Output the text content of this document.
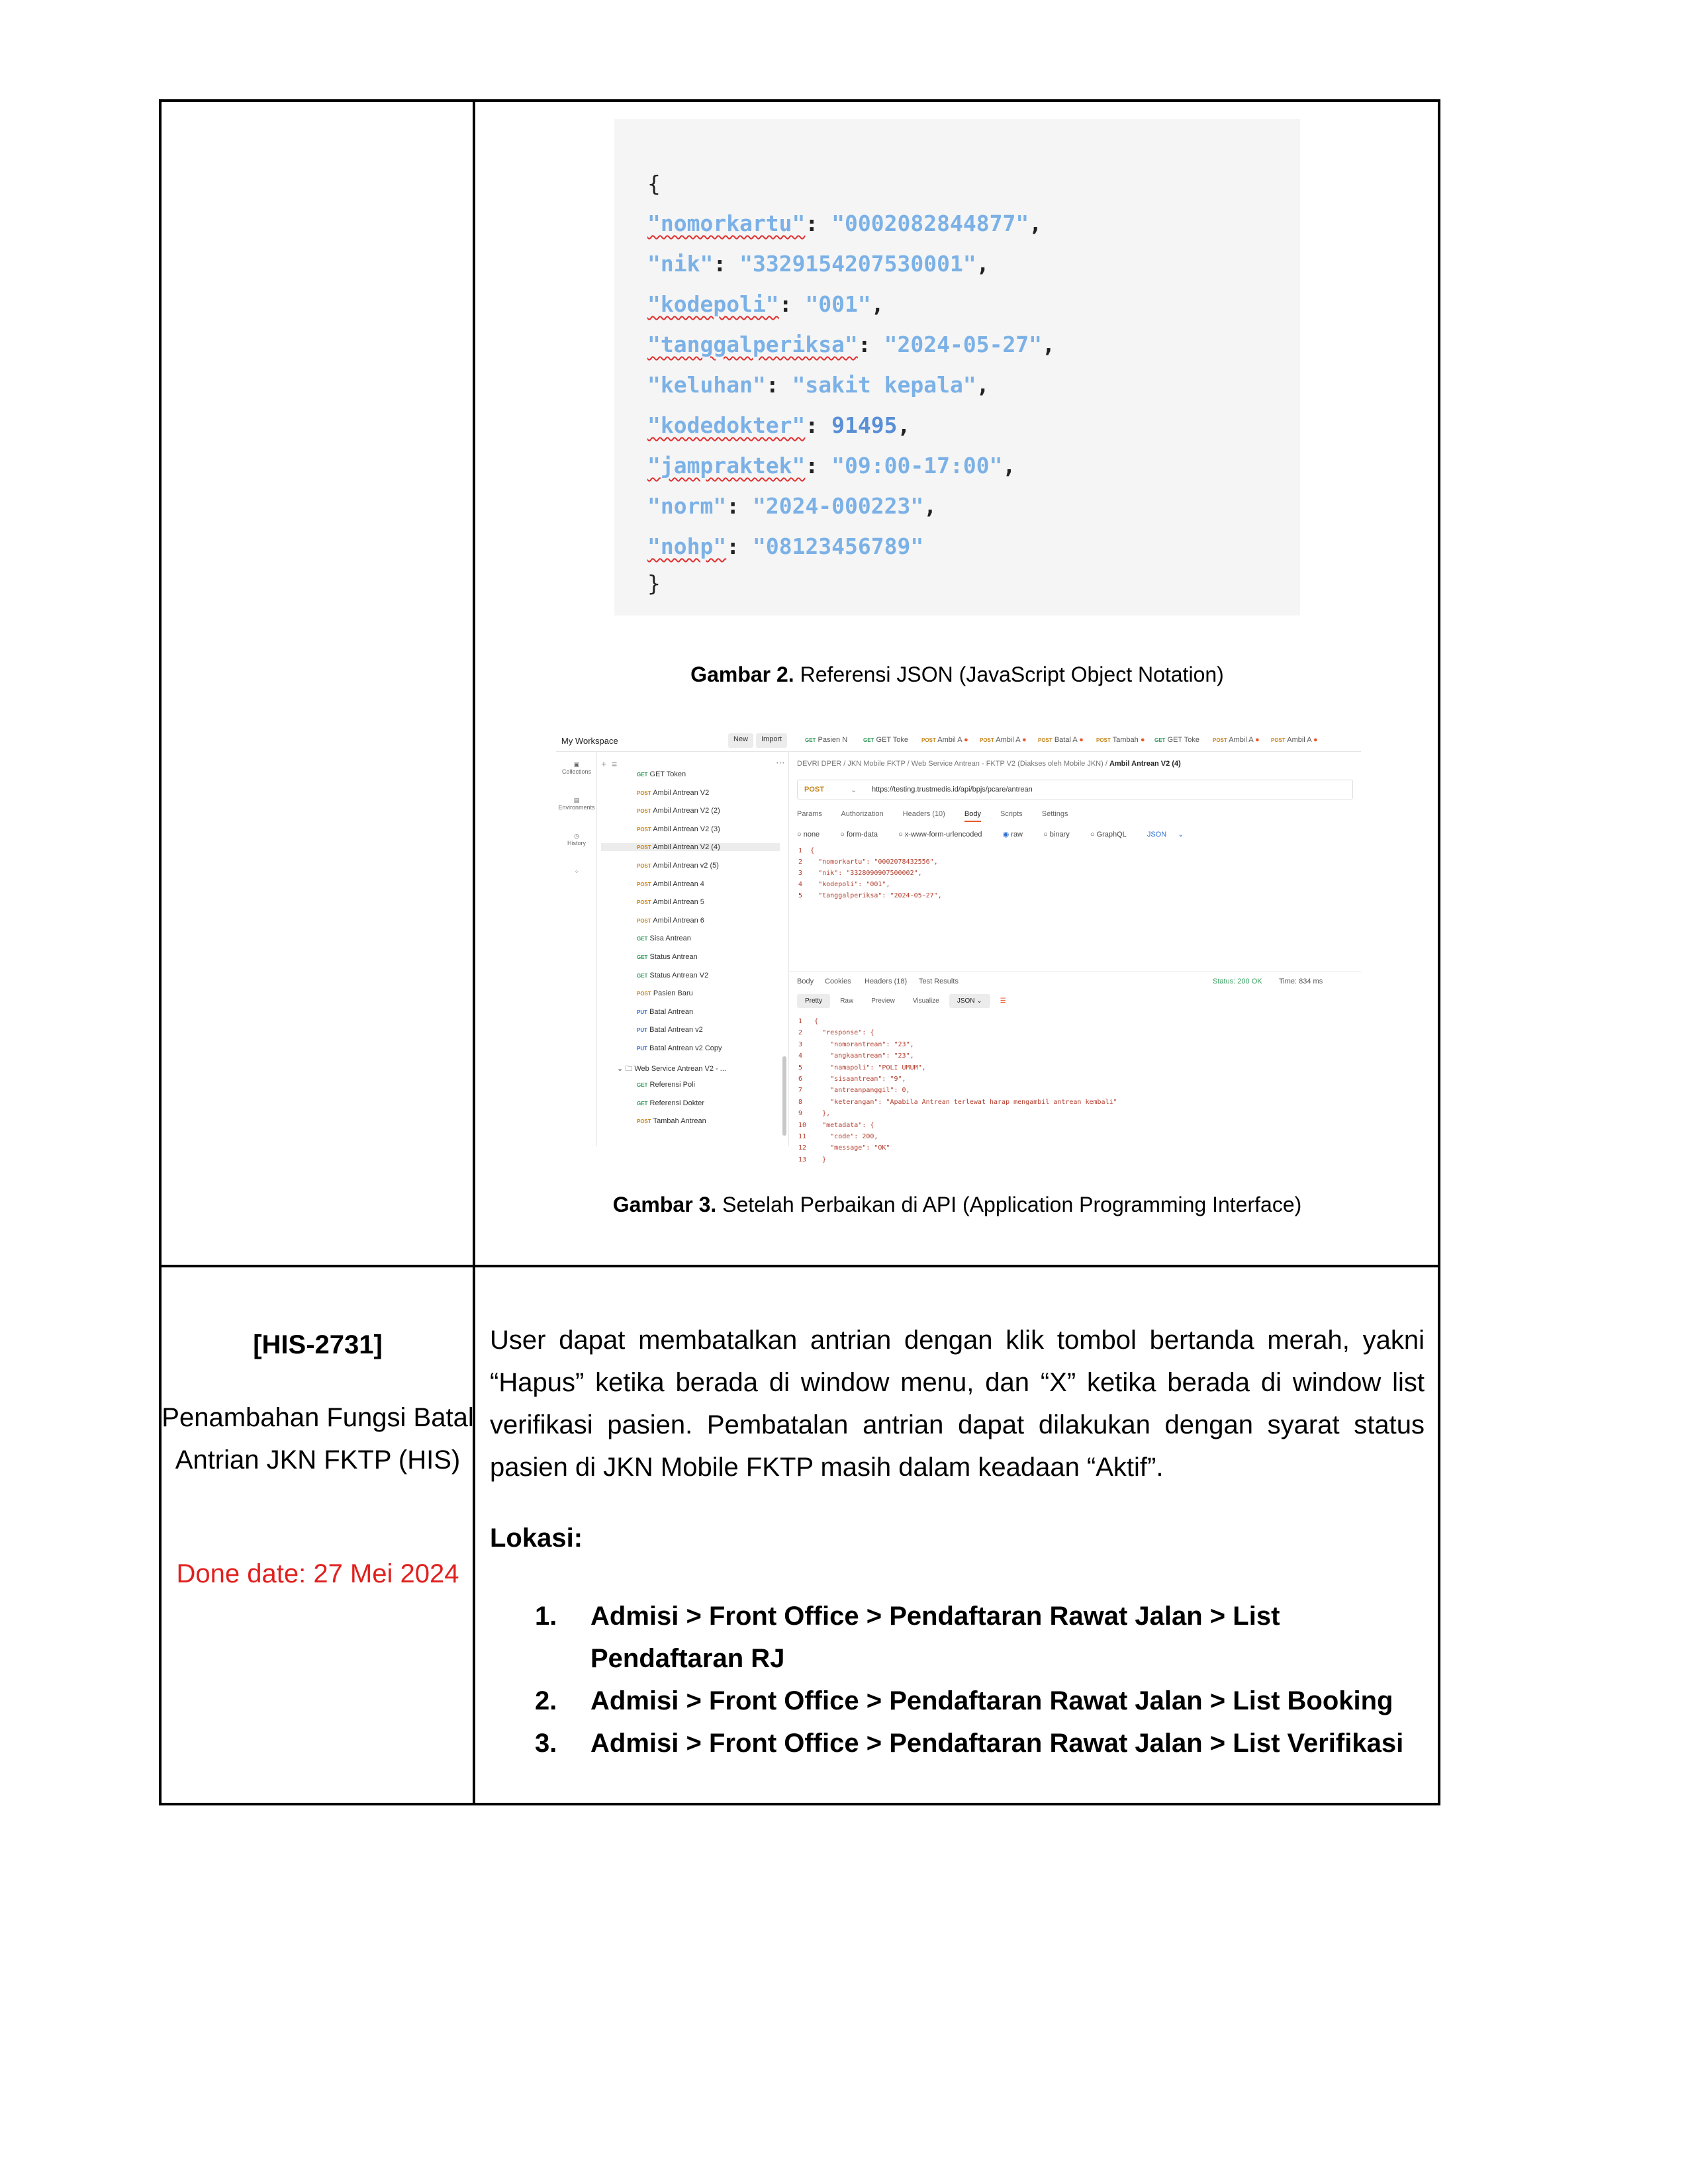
{
"nomorkartu": "0002082844877",
"nik": "3329154207530001",
"kodepoli": "001",
"tanggalperiksa": "2024-05-27",
"keluhan": "sakit kepala",
"kodedokter": 91495,
"jampraktek": "09:00-17:00",
"norm": "2024-000223",
"nohp": "08123456789"
}
Gambar 2. Referensi JSON (JavaScript Object Notation)
My Workspace	New	Import	GET Pasien N	GET GET Toke POST Ambil A ● POST Ambil A ● POST Batal A ● POST Tambah ● GET GET Toke POST Ambil A ● POST Ambil A ●
▣
Collections
▤
Environments
◷
History
⁘
+  ≡	⋯
GET GET Token
POST Ambil Antrean V2
POST Ambil Antrean V2 (2)
POST Ambil Antrean V2 (3)
POST Ambil Antrean V2 (4)
POST Ambil Antrean v2 (5)
POST Ambil Antrean 4
POST Ambil Antrean 5
POST Ambil Antrean 6
GET Sisa Antrean
GET Status Antrean
GET Status Antrean V2
POST Pasien Baru
PUT Batal Antrean
PUT Batal Antrean v2
PUT Batal Antrean v2 Copy
⌄ 🗀 Web Service Antrean V2 - ...
GET Referensi Poli
GET Referensi Dokter
POST Tambah Antrean
DEVRI DPER / JKN Mobile FKTP / Web Service Antrean - FKTP V2 (Diakses oleh Mobile JKN) / Ambil Antrean V2 (4)
POST	⌄ https://testing.trustmedis.id/api/bpjs/pcare/antrean
Params	Authorization	Headers (10)	Body	Scripts	Settings
○ none	○ form-data	○ x-www-form-urlencoded	◉ raw	○ binary	○ GraphQL	JSON ⌄
1  {
2    "nomorkartu": "0002078432556",
3    "nik": "3328090907500002",
4    "kodepoli": "001",
5    "tanggalperiksa": "2024-05-27",
Body Cookies Headers (18) Test Results	Status: 200 OK Time: 834 ms
Pretty	Raw	Preview	Visualize	JSON ⌄	☰
1   {
2     "response": {
3       "nomorantrean": "23",
4       "angkaantrean": "23",
5       "namapoli": "POLI UMUM",
6       "sisaantrean": "9",
7       "antreanpanggil": 0,
8       "keterangan": "Apabila Antrean terlewat harap mengambil antrean kembali"
9     },
10    "metadata": {
11      "code": 200,
12      "message": "OK"
13    }
Gambar 3. Setelah Perbaikan di API (Application Programming Interface)
[HIS-2731]
Penambahan Fungsi Batal Antrian JKN FKTP (HIS)
Done date: 27 Mei 2024
User dapat membatalkan antrian dengan klik tombol bertanda merah, yakni “Hapus” ketika berada di window menu, dan “X” ketika berada di window list verifikasi pasien. Pembatalan antrian dapat dilakukan dengan syarat status pasien di JKN Mobile FKTP masih dalam keadaan “Aktif”.
Lokasi:
1. Admisi > Front Office > Pendaftaran Rawat Jalan > List Pendaftaran RJ
2. Admisi > Front Office > Pendaftaran Rawat Jalan > List Booking
3. Admisi > Front Office > Pendaftaran Rawat Jalan > List Verifikasi
